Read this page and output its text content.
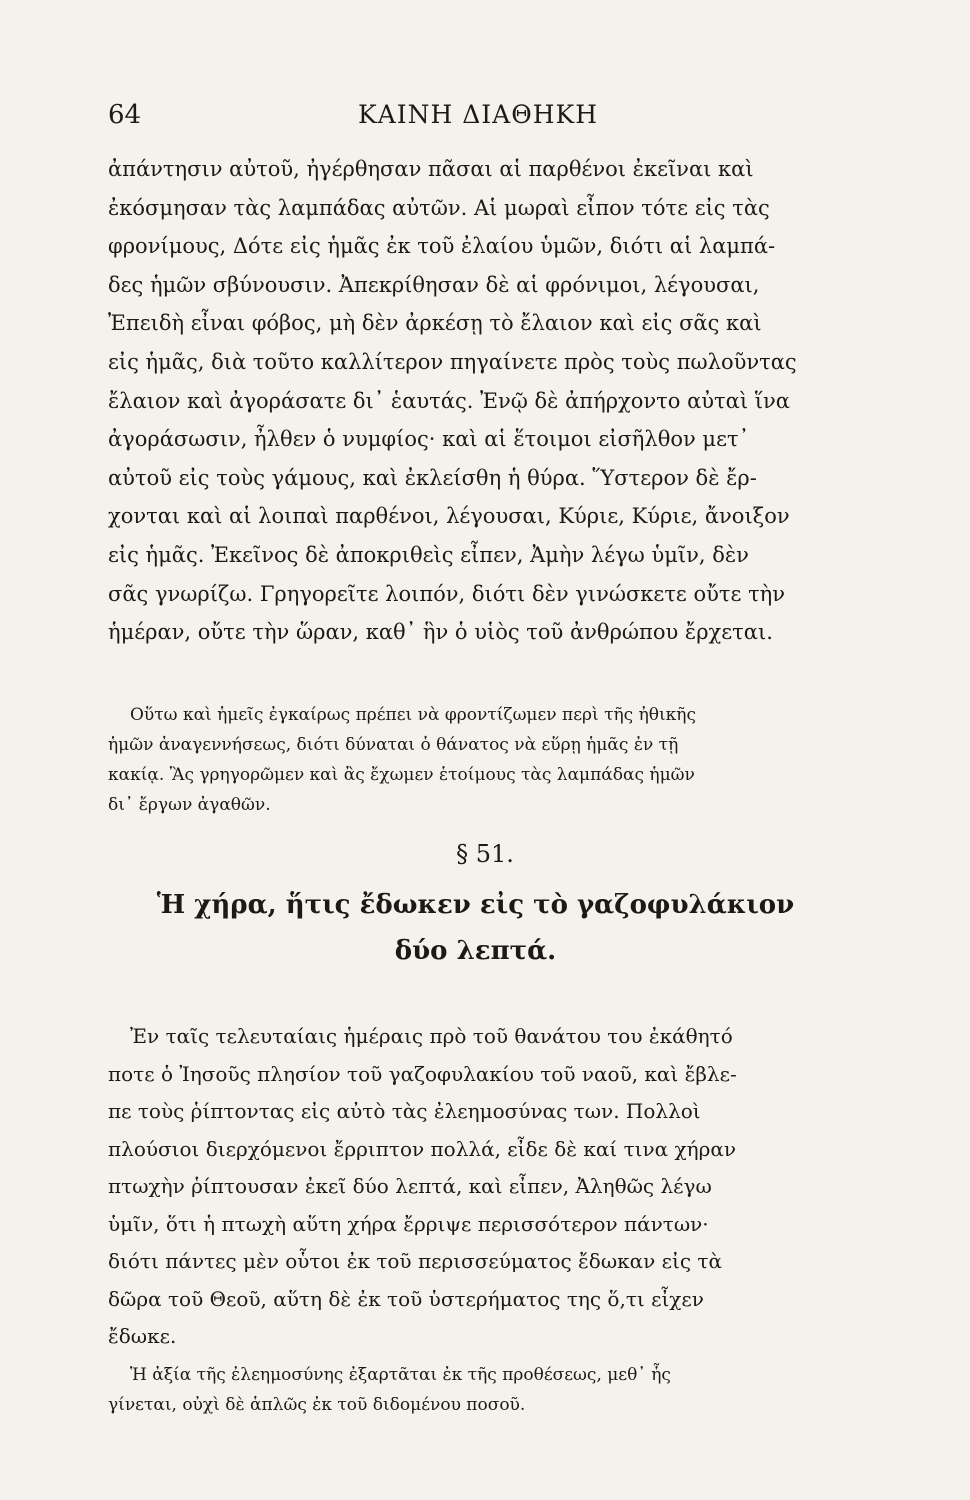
64	ΚΑΙΝΗ ΔΙΑΘΗΚΗ
ἀπάντησιν αὐτοῦ, ἠγέρθησαν πᾶσαι αἱ παρθένοι ἐκεῖναι καὶ
ἐκόσμησαν τὰς λαμπάδας αὐτῶν. Αἱ μωραὶ εἶπον τότε εἰς τὰς
φρονίμους, Δότε εἰς ἡμᾶς ἐκ τοῦ ἐλαίου ὑμῶν, διότι αἱ λαμπά-
δες ἡμῶν σβύνουσιν. Ἀπεκρίθησαν δὲ αἱ φρόνιμοι, λέγουσαι,
Ἐπειδὴ εἶναι φόβος, μὴ δὲν ἀρκέσῃ τὸ ἔλαιον καὶ εἰς σᾶς καὶ
εἰς ἡμᾶς, διὰ τοῦτο καλλίτερον πηγαίνετε πρὸς τοὺς πωλοῦντας
ἔλαιον καὶ ἀγοράσατε δι᾽ ἑαυτάς. Ἐνῷ δὲ ἀπήρχοντο αὐταὶ ἵνα
ἀγοράσωσιν, ἦλθεν ὁ νυμφίος· καὶ αἱ ἕτοιμοι εἰσῆλθον μετ᾽
αὐτοῦ εἰς τοὺς γάμους, καὶ ἐκλείσθη ἡ θύρα. Ὕστερον δὲ ἔρ-
χονται καὶ αἱ λοιπαὶ παρθένοι, λέγουσαι, Κύριε, Κύριε, ἄνοιξον
εἰς ἡμᾶς. Ἐκεῖνος δὲ ἀποκριθεὶς εἶπεν, Ἀμὴν λέγω ὑμῖν, δὲν
σᾶς γνωρίζω. Γρηγορεῖτε λοιπόν, διότι δὲν γινώσκετε οὔτε τὴν
ἡμέραν, οὔτε τὴν ὥραν, καθ᾽ ἣν ὁ υἱὸς τοῦ ἀνθρώπου ἔρχεται.
Οὕτω καὶ ἡμεῖς ἐγκαίρως πρέπει νὰ φροντίζωμεν περὶ τῆς ἠθικῆς
ἡμῶν ἀναγεννήσεως, διότι δύναται ὁ θάνατος νὰ εὕρῃ ἡμᾶς ἐν τῇ
κακίᾳ. Ἂς γρηγορῶμεν καὶ ἂς ἔχωμεν ἑτοίμους τὰς λαμπάδας ἡμῶν
δι᾽ ἔργων ἀγαθῶν.
§ 51.
Ἡ χήρα, ἥτις ἔδωκεν εἰς τὸ γαζοφυλάκιον
δύο λεπτά.
Ἐν ταῖς τελευταίαις ἡμέραις πρὸ τοῦ θανάτου του ἐκάθητό
ποτε ὁ Ἰησοῦς πλησίον τοῦ γαζοφυλακίου τοῦ ναοῦ, καὶ ἔβλε-
πε τοὺς ῥίπτοντας εἰς αὐτὸ τὰς ἐλεημοσύνας των. Πολλοὶ
πλούσιοι διερχόμενοι ἔρριπτον πολλά, εἶδε δὲ καί τινα χήραν
πτωχὴν ῥίπτουσαν ἐκεῖ δύο λεπτά, καὶ εἶπεν, Ἀληθῶς λέγω
ὑμῖν, ὅτι ἡ πτωχὴ αὕτη χήρα ἔρριψε περισσότερον πάντων·
διότι πάντες μὲν οὗτοι ἐκ τοῦ περισσεύματος ἔδωκαν εἰς τὰ
δῶρα τοῦ Θεοῦ, αὕτη δὲ ἐκ τοῦ ὑστερήματος της ὅ,τι εἶχεν
ἔδωκε.
Ἡ ἀξία τῆς ἐλεημοσύνης ἐξαρτᾶται ἐκ τῆς προθέσεως, μεθ᾽ ἧς
γίνεται, οὐχὶ δὲ ἁπλῶς ἐκ τοῦ διδομένου ποσοῦ.
